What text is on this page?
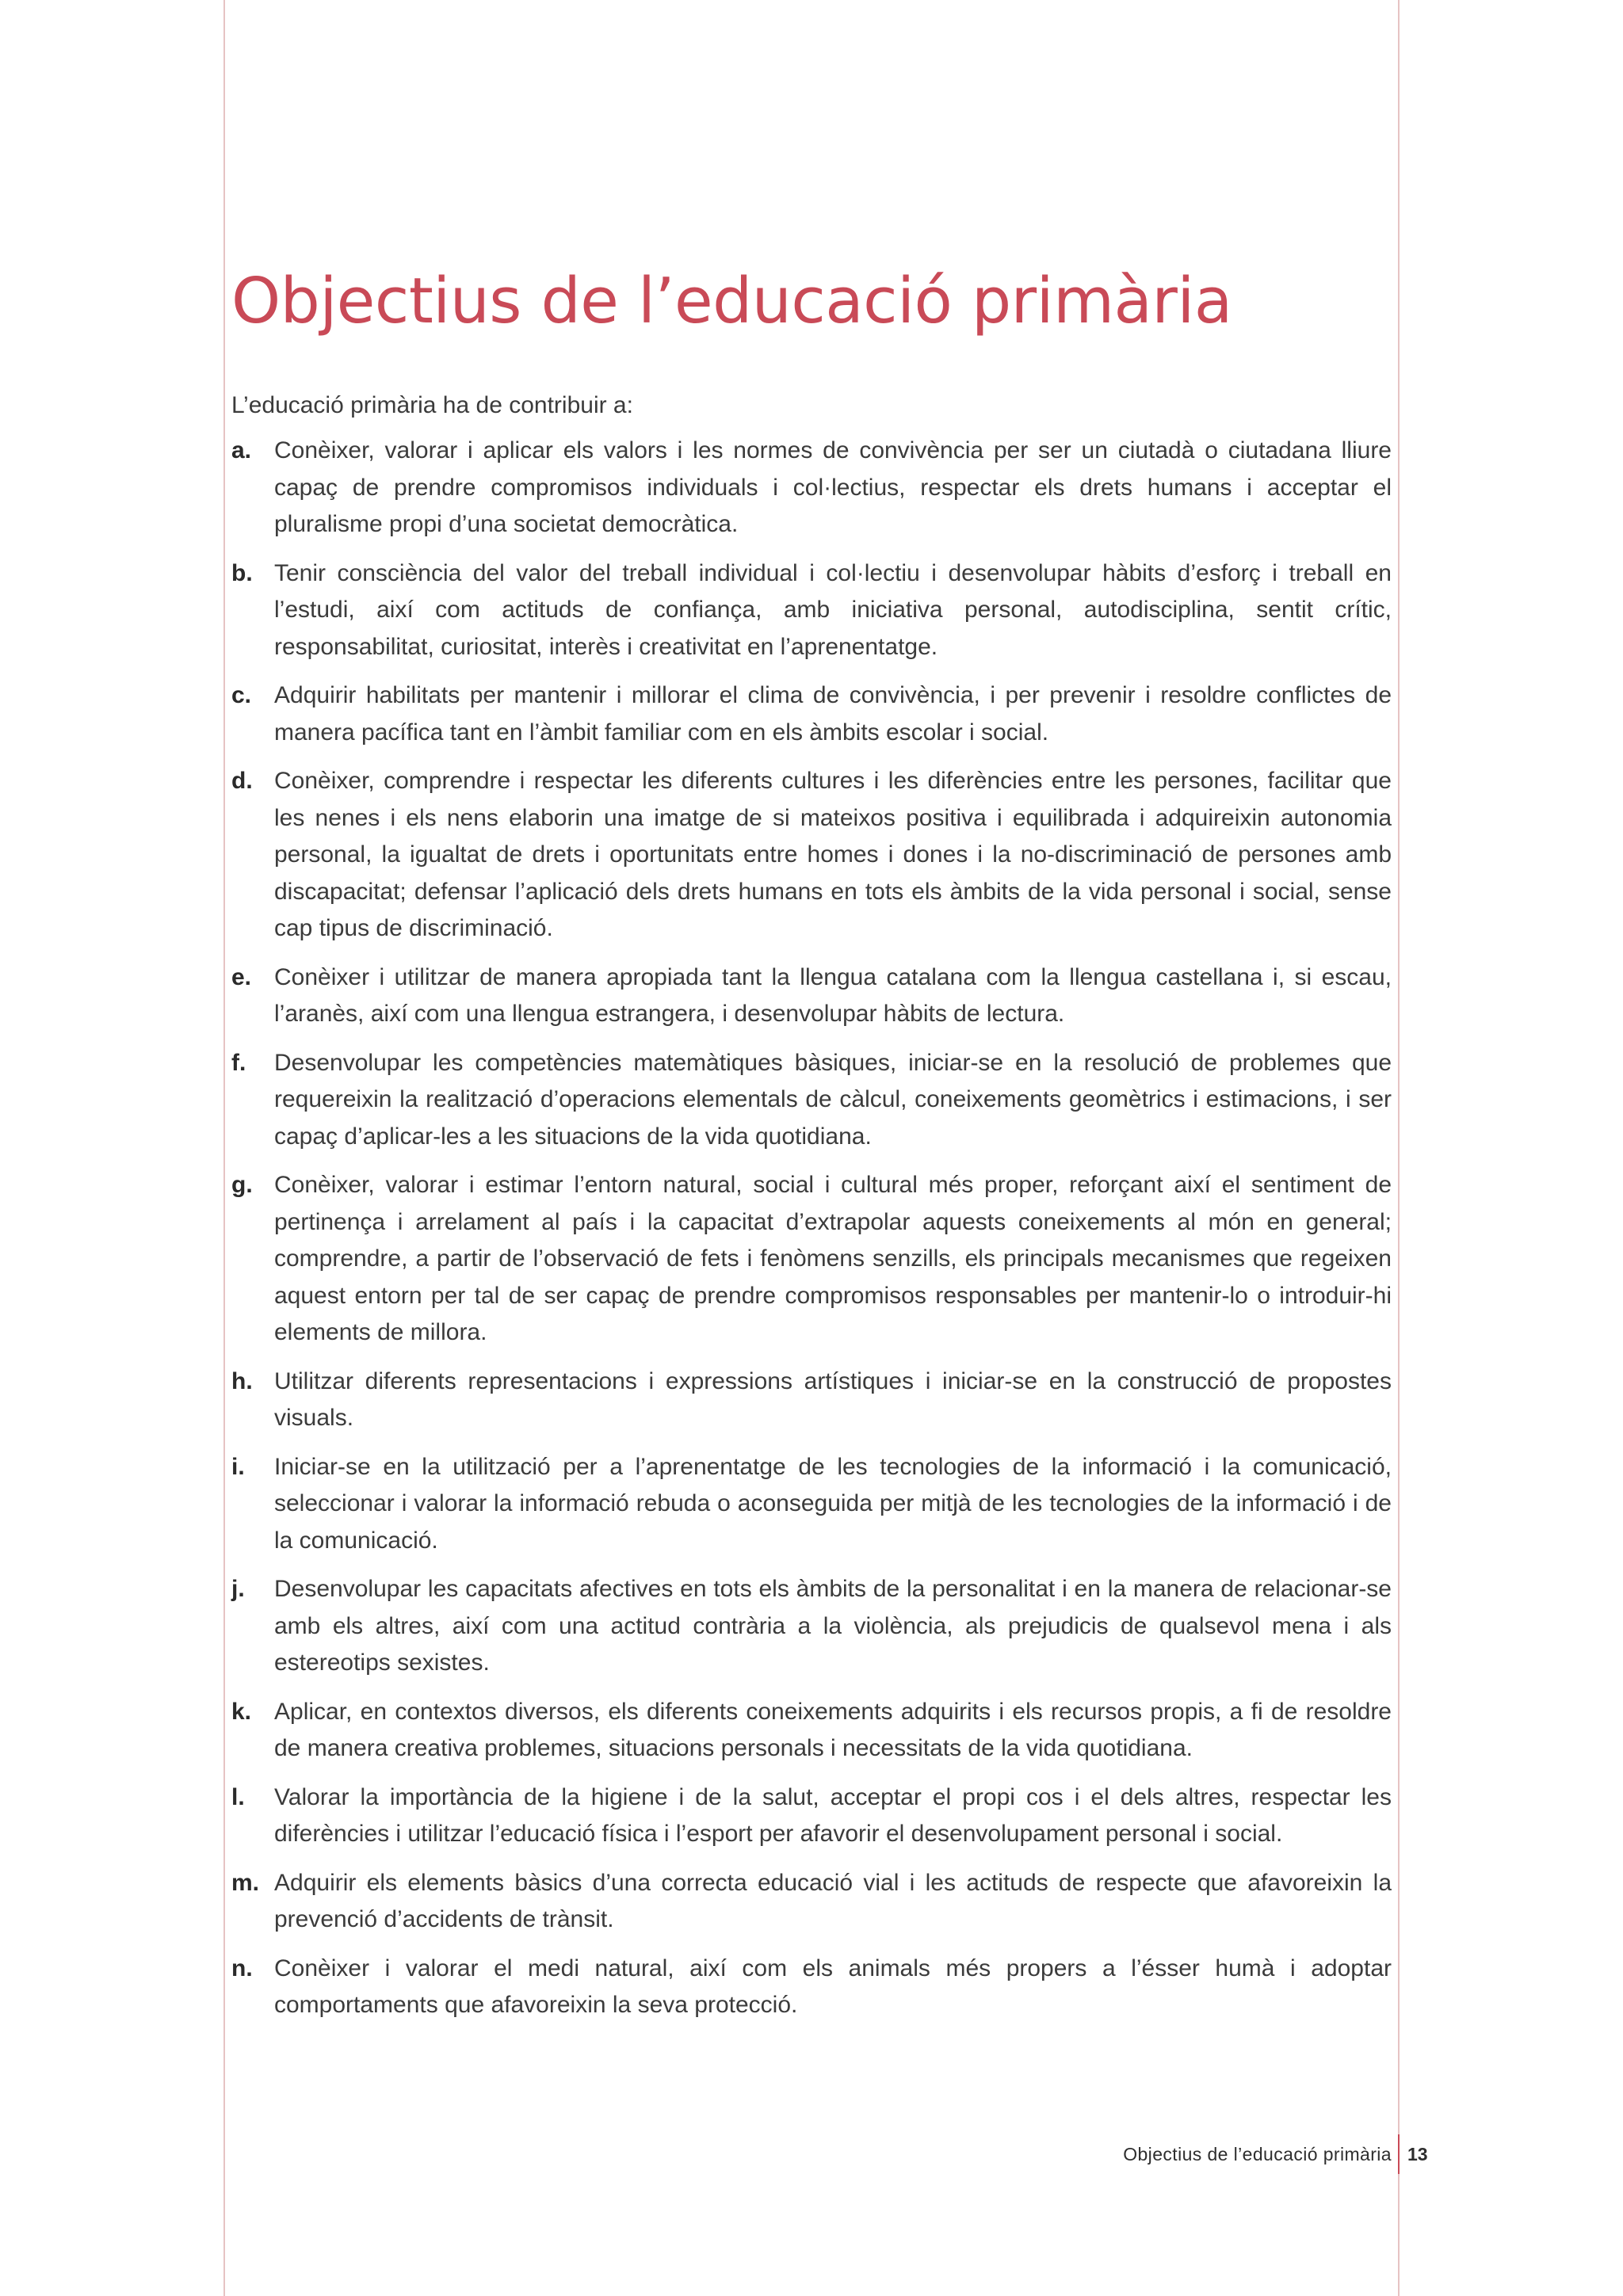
Objectius de l’educació primària

L’educació primària ha de contribuir a:

a. Conèixer, valorar i aplicar els valors i les normes de convivència per ser un ciutadà o ciutadana lliure capaç de prendre compromisos individuals i col·lectius, respectar els drets humans i acceptar el pluralisme propi d’una societat democràtica.
b. Tenir consciència del valor del treball individual i col·lectiu i desenvolupar hàbits d’esforç i treball en l’estudi, així com actituds de confiança, amb iniciativa personal, autodisciplina, sentit crític, responsabilitat, curiositat, interès i creativitat en l’aprenentatge.
c. Adquirir habilitats per mantenir i millorar el clima de convivència, i per prevenir i resoldre conflictes de manera pacífica tant en l’àmbit familiar com en els àmbits escolar i social.
d. Conèixer, comprendre i respectar les diferents cultures i les diferències entre les persones, facilitar que les nenes i els nens elaborin una imatge de si mateixos positiva i equilibrada i adquireixin autonomia personal, la igualtat de drets i oportunitats entre homes i dones i la no-discriminació de persones amb discapacitat; defensar l’aplicació dels drets humans en tots els àmbits de la vida personal i social, sense cap tipus de discriminació.
e. Conèixer i utilitzar de manera apropiada tant la llengua catalana com la llengua castellana i, si escau, l’aranès, així com una llengua estrangera, i desenvolupar hàbits de lectura.
f. Desenvolupar les competències matemàtiques bàsiques, iniciar-se en la resolució de problemes que requereixin la realització d’operacions elementals de càlcul, coneixements geomètrics i estimacions, i ser capaç d’aplicar-les a les situacions de la vida quotidiana.
g. Conèixer, valorar i estimar l’entorn natural, social i cultural més proper, reforçant així el sentiment de pertinença i arrelament al país i la capacitat d’extrapolar aquests coneixements al món en general; comprendre, a partir de l’observació de fets i fenòmens senzills, els principals mecanismes que regeixen aquest entorn per tal de ser capaç de prendre compromisos responsables per mantenir-lo o introduir-hi elements de millora.
h. Utilitzar diferents representacions i expressions artístiques i iniciar-se en la construcció de propostes visuals.
i. Iniciar-se en la utilització per a l’aprenentatge de les tecnologies de la informació i la comunicació, seleccionar i valorar la informació rebuda o aconseguida per mitjà de les tecnologies de la informació i de la comunicació.
j. Desenvolupar les capacitats afectives en tots els àmbits de la personalitat i en la manera de relacionar-se amb els altres, així com una actitud contrària a la violència, als prejudicis de qualsevol mena i als estereotips sexistes.
k. Aplicar, en contextos diversos, els diferents coneixements adquirits i els recursos propis, a fi de resoldre de manera creativa problemes, situacions personals i necessitats de la vida quotidiana.
l. Valorar la importància de la higiene i de la salut, acceptar el propi cos i el dels altres, respectar les diferències i utilitzar l’educació física i l’esport per afavorir el desenvolupament personal i social.
m. Adquirir els elements bàsics d’una correcta educació vial i les actituds de respecte que afavoreixin la prevenció d’accidents de trànsit.
n. Conèixer i valorar el medi natural, així com els animals més propers a l’ésser humà i adoptar comportaments que afavoreixin la seva protecció.
Objectius de l’educació primària 13
